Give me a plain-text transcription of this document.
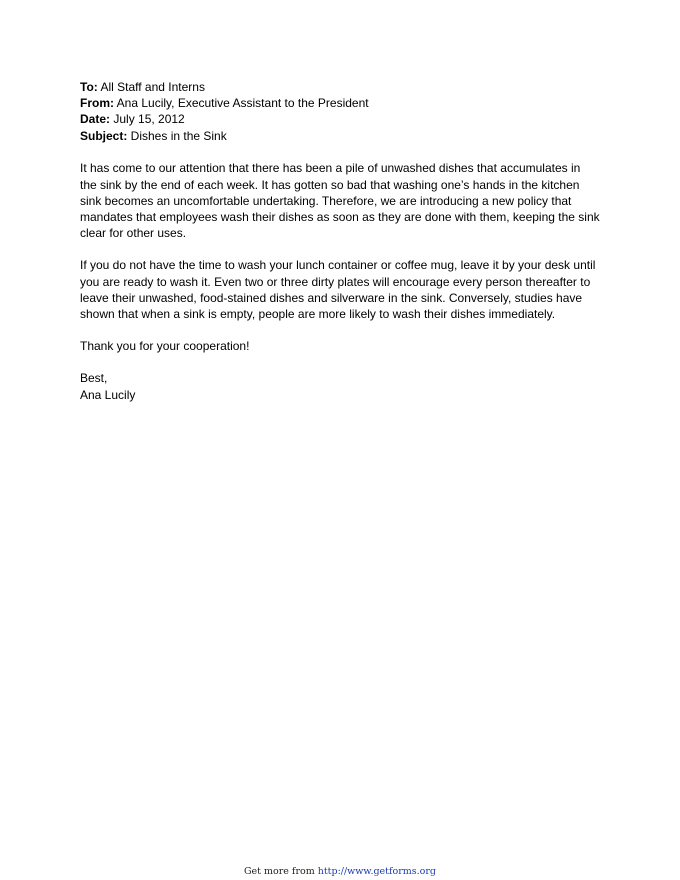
To: All Staff and Interns

From: Ana Lucily, Executive Assistant to the President

Date: July 15, 2012

Subject: Dishes in the Sink

It has come to our attention that there has been a pile of unwashed dishes that accumulates in the sink by the end of each week. It has gotten so bad that washing one’s hands in the kitchen sink becomes an uncomfortable undertaking. Therefore, we are introducing a new policy that mandates that employees wash their dishes as soon as they are done with them, keeping the sink clear for other uses.

If you do not have the time to wash your lunch container or coffee mug, leave it by your desk until you are ready to wash it. Even two or three dirty plates will encourage every person thereafter to leave their unwashed, food-stained dishes and silverware in the sink. Conversely, studies have shown that when a sink is empty, people are more likely to wash their dishes immediately.

Thank you for your cooperation!

Best,
Ana Lucily
Get more from http://www.getforms.org
